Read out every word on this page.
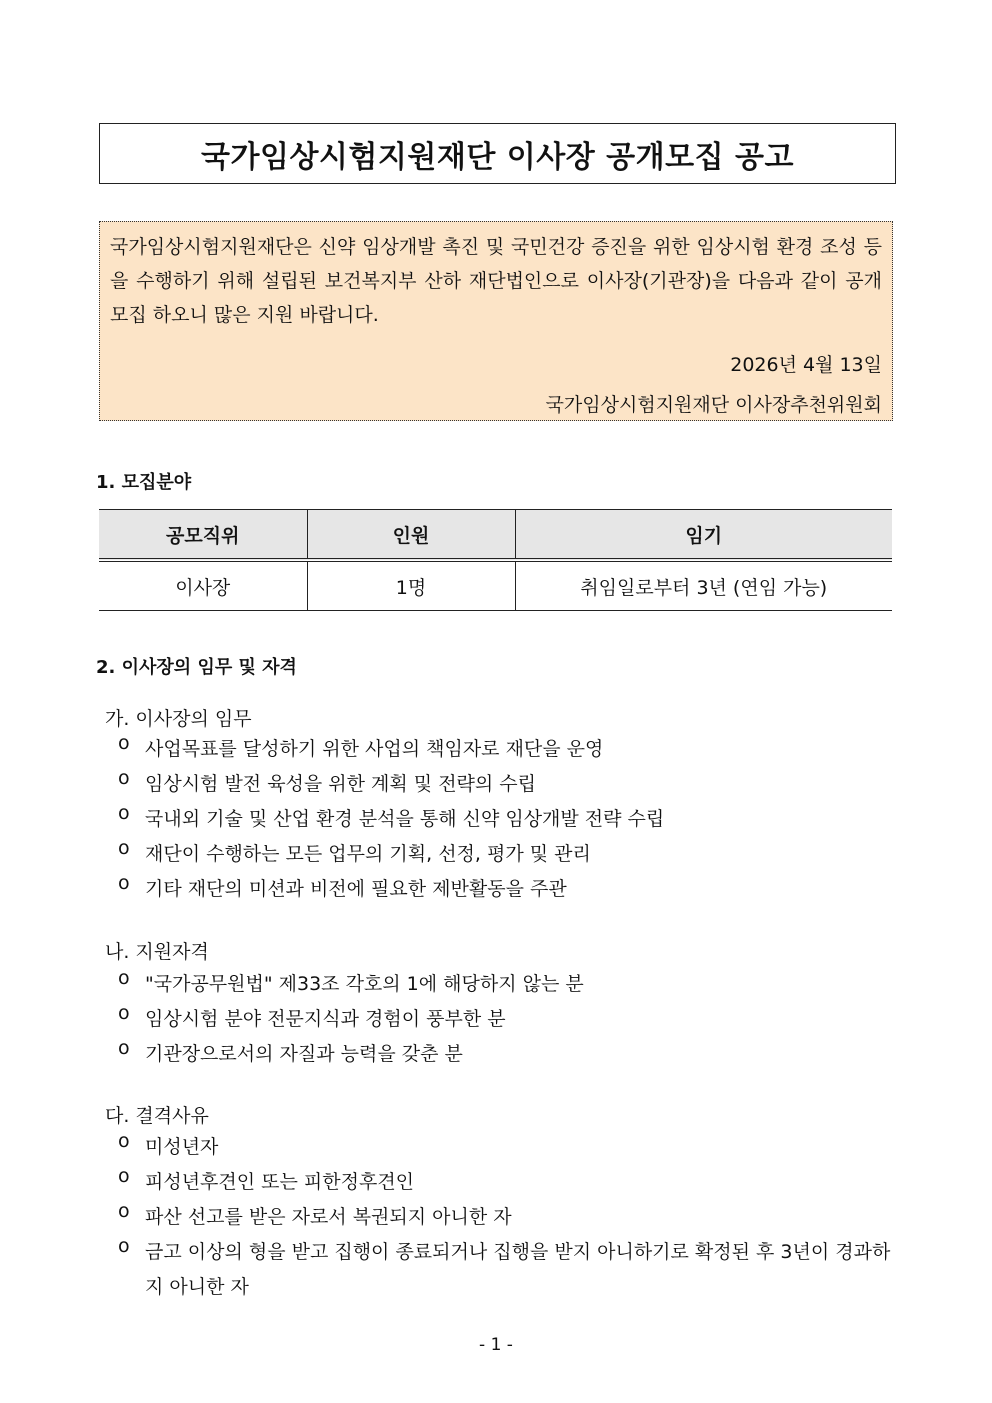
국가임상시험지원재단 이사장 공개모집 공고
국가임상시험지원재단은 신약 임상개발 촉진 및 국민건강 증진을 위한 임상시험 환경 조성 등을 수행하기 위해 설립된 보건복지부 산하 재단법인으로 이사장(기관장)을 다음과 같이 공개모집 하오니 많은 지원 바랍니다.
2026년 4월 13일
국가임상시험지원재단 이사장추천위원회
1. 모집분야
공모직위	인원	임기
이사장	1명	취임일로부터 3년 (연임 가능)
2. 이사장의 임무 및 자격
가. 이사장의 임무
o 사업목표를 달성하기 위한 사업의 책임자로 재단을 운영
o 임상시험 발전 육성을 위한 계획 및 전략의 수립
o 국내외 기술 및 산업 환경 분석을 통해 신약 임상개발 전략 수립
o 재단이 수행하는 모든 업무의 기획, 선정, 평가 및 관리
o 기타 재단의 미션과 비전에 필요한 제반활동을 주관
나. 지원자격
o "국가공무원법" 제33조 각호의 1에 해당하지 않는 분
o 임상시험 분야 전문지식과 경험이 풍부한 분
o 기관장으로서의 자질과 능력을 갖춘 분
다. 결격사유
o 미성년자
o 피성년후견인 또는 피한정후견인
o 파산 선고를 받은 자로서 복권되지 아니한 자
o 금고 이상의 형을 받고 집행이 종료되거나 집행을 받지 아니하기로 확정된 후 3년이 경과하지 아니한 자
- 1 -
